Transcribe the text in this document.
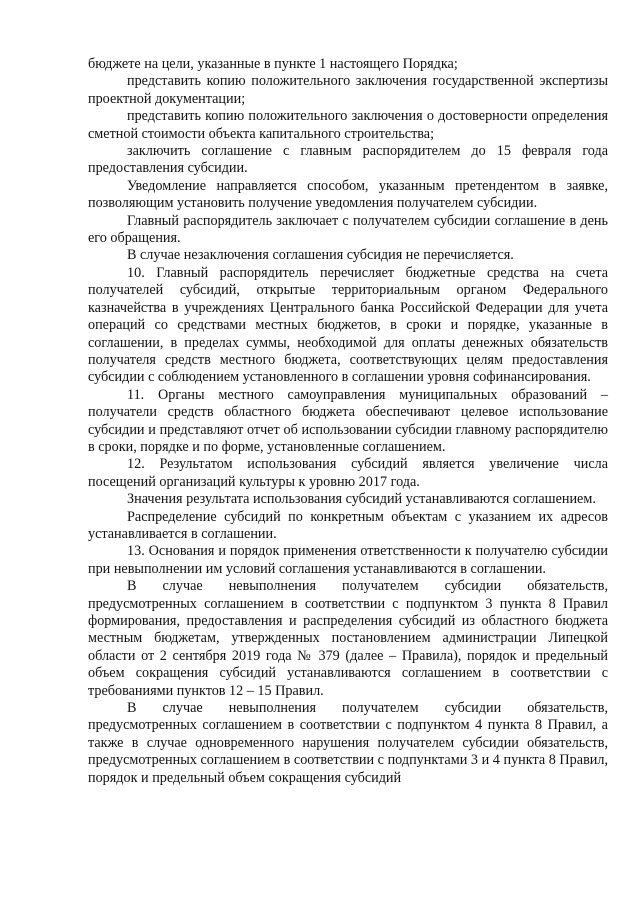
бюджете на цели, указанные в пункте 1 настоящего Порядка;

представить копию положительного заключения государственной экспертизы проектной документации;

представить копию положительного заключения о достоверности определения сметной стоимости объекта капитального строительства;

заключить соглашение с главным распорядителем до 15 февраля года предоставления субсидии.

Уведомление направляется способом, указанным претендентом в заявке, позволяющим установить получение уведомления получателем субсидии.

Главный распорядитель заключает с получателем субсидии соглашение в день его обращения.

В случае незаключения соглашения субсидия не перечисляется.

10. Главный распорядитель перечисляет бюджетные средства на счета получателей субсидий, открытые территориальным органом Федерального казначейства в учреждениях Центрального банка Российской Федерации для учета операций со средствами местных бюджетов, в сроки и порядке, указанные в соглашении, в пределах суммы, необходимой для оплаты денежных обязательств получателя средств местного бюджета, соответствующих целям предоставления субсидии с соблюдением установленного в соглашении уровня софинансирования.

11. Органы местного самоуправления муниципальных образований – получатели средств областного бюджета обеспечивают целевое использование субсидии и представляют отчет об использовании субсидии главному распорядителю в сроки, порядке и по форме, установленные соглашением.

12. Результатом использования субсидий является увеличение числа посещений организаций культуры к уровню 2017 года.

Значения результата использования субсидий устанавливаются соглашением.

Распределение субсидий по конкретным объектам с указанием их адресов устанавливается в соглашении.

13. Основания и порядок применения ответственности к получателю субсидии при невыполнении им условий соглашения устанавливаются в соглашении.

В случае невыполнения получателем субсидии обязательств, предусмотренных соглашением в соответствии с подпунктом 3 пункта 8 Правил формирования, предоставления и распределения субсидий из областного бюджета местным бюджетам, утвержденных постановлением администрации Липецкой области от 2 сентября 2019 года № 379 (далее – Правила), порядок и предельный объем сокращения субсидий устанавливаются соглашением в соответствии с требованиями пунктов 12 – 15 Правил.

В случае невыполнения получателем субсидии обязательств, предусмотренных соглашением в соответствии с подпунктом 4 пункта 8 Правил, а также в случае одновременного нарушения получателем субсидии обязательств, предусмотренных соглашением в соответствии с подпунктами 3 и 4 пункта 8 Правил, порядок и предельный объем сокращения субсидий
